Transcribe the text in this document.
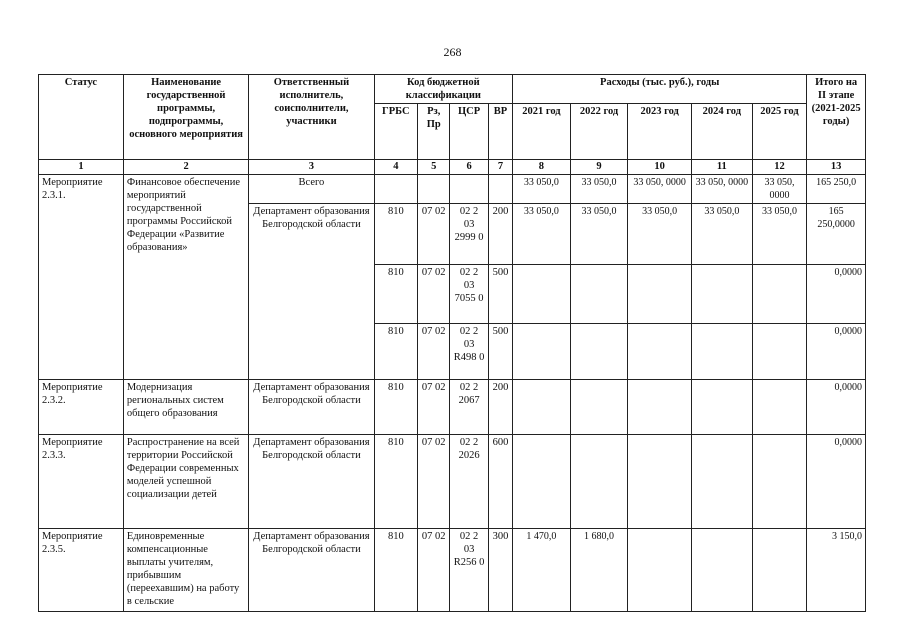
268
Статус	Наименование государственной программы, подпрограммы, основного мероприятия	Ответственный исполнитель, соисполнители, участники	Код бюджетной классификации				Расходы (тыс. руб.), годы					Итого на II этапе (2021-2025 годы)
			ГРБС	Рз, Пр	ЦСР	ВР	2021 год	2022 год	2023 год	2024 год	2025 год	
1	2	3	4	5	6	7	8	9	10	11	12	13
Мероприятие 2.3.1.	Финансовое обеспечение мероприятий государственной программы Российской Федерации «Развитие образования»	Всего					33 050,0	33 050,0	33 050, 0000	33 050, 0000	33 050, 0000	165 250,0
		Департамент образования Белгородской области	810	07 02	02 2 03 2999 0	200	33 050,0	33 050,0	33 050,0	33 050,0	33 050,0	165 250,0000
			810	07 02	02 2 03 7055 0	500						0,0000
			810	07 02	02 2 03 R498 0	500						0,0000
Мероприятие 2.3.2.	Модернизация региональных систем общего образования	Департамент образования Белгородской области	810	07 02	02 2 2067	200						0,0000
Мероприятие 2.3.3.	Распространение на всей территории Российской Федерации современных моделей успешной социализации детей	Департамент образования Белгородской области	810	07 02	02 2 2026	600						0,0000
Мероприятие 2.3.5.	Единовременные компенсационные выплаты учителям, прибывшим (переехавшим) на работу в сельские	Департамент образования Белгородской области	810	07 02	02 2 03 R256 0	300	1 470,0	1 680,0				3 150,0
